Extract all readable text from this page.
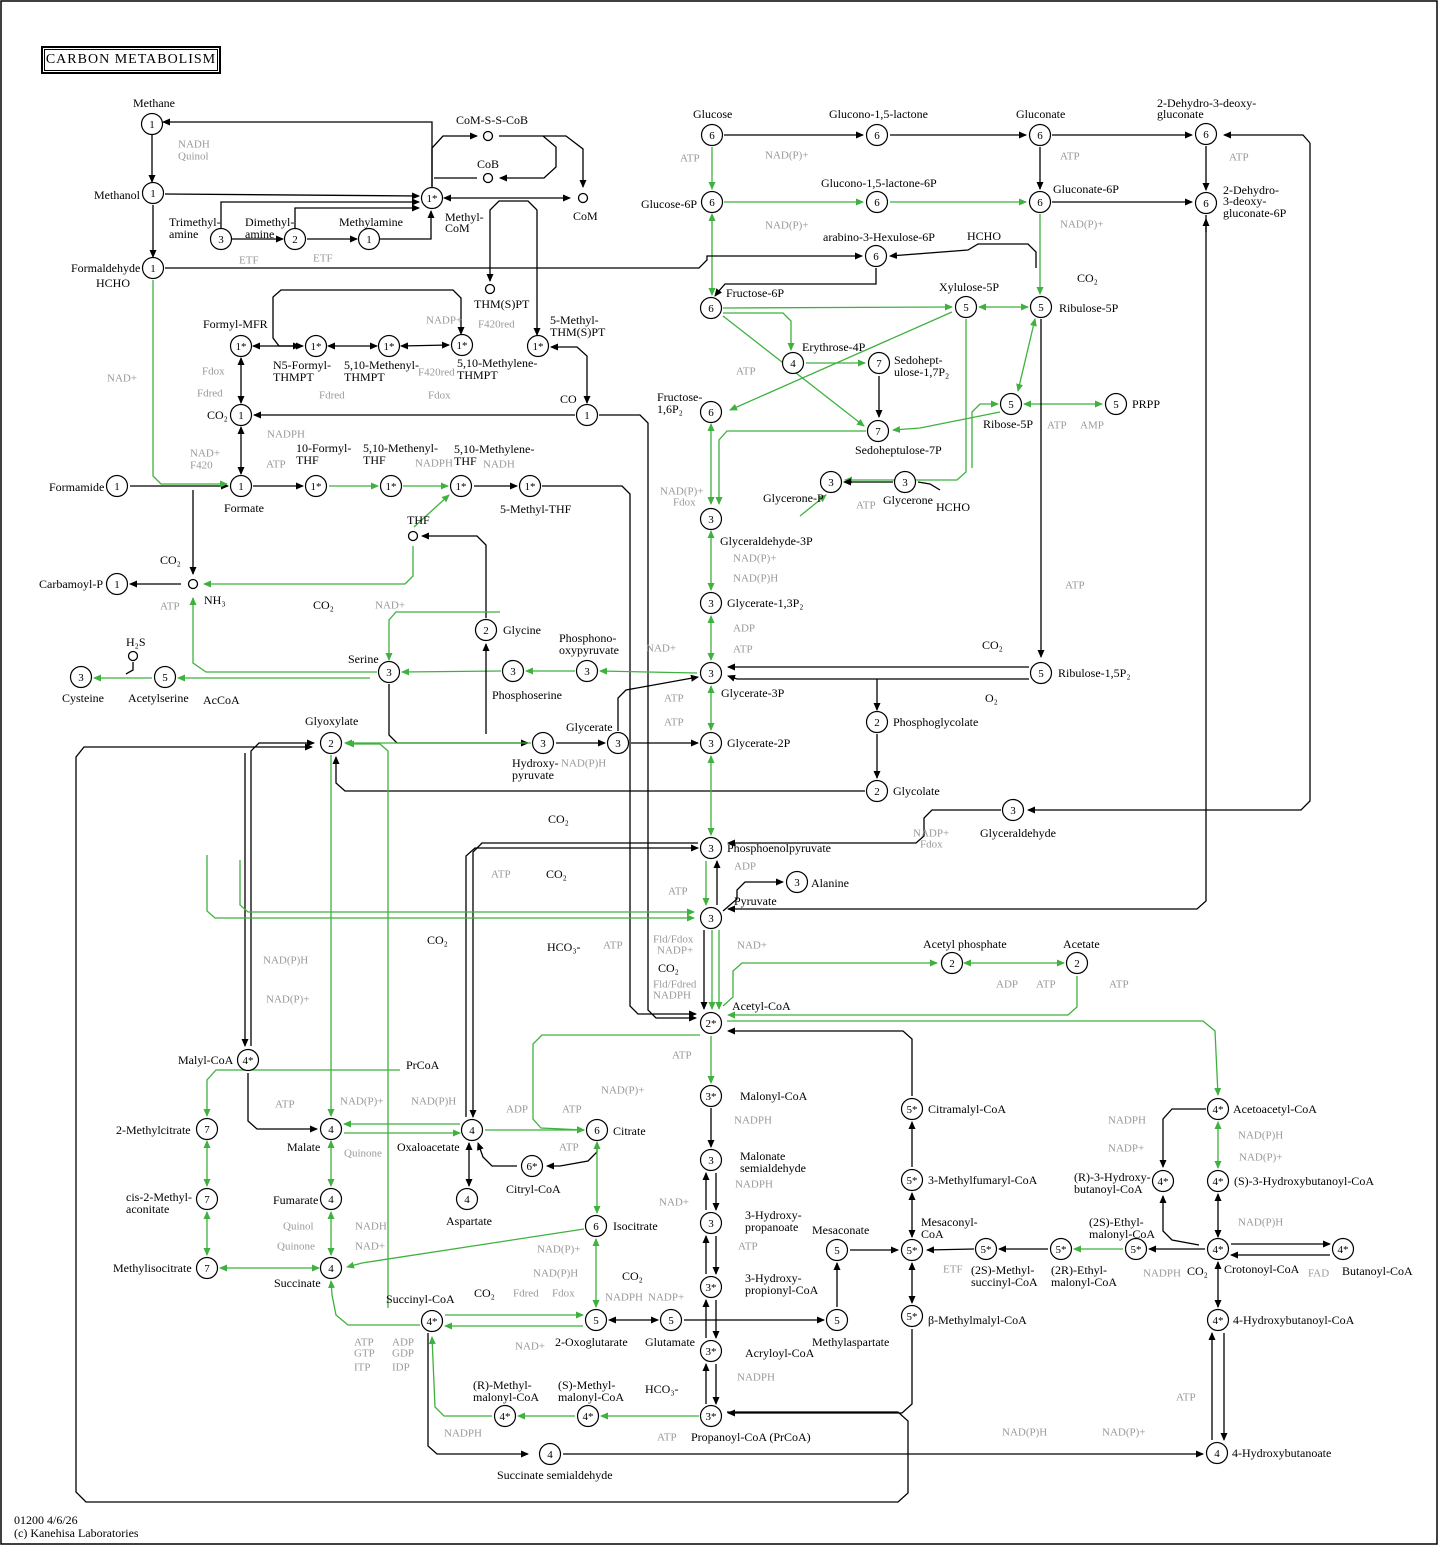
1
1
3	2	1
1*
1
1*	1*	1*	1*	1*
1	1
1	1	1*	1*	1*	1*
1
3	5	3
2
3	3
2	3	3
3
3
3
3
3
3
3
2*
6	6	6	6
6	6	6	6
6
6	5	5
4	7
6
7
5	5
3	3
5
2
2
3
2	2
4*
7	4	4	6
6*
7	4	4
6
7	4
4*	5	5
3*
3
3
3*
3*
3*
4*	4*
4
5
5
5*
5*
5*
5*
5*	5*	5*
4*
4*	4*
4*	4*
4*
4
Methane
CoM-S-S-CoB
CoB
Methanol
Trimethyl-
amine
Dimethyl-
amine
Methylamine	Methyl-
CoM
CoM
Formaldehyde
HCHO
THM(S)PT
Formyl-MFR
N5-Formyl-
THMPT
5,10-Methenyl-
THMPT
5,10-Methylene-
THMPT
5-Methyl-
THM(S)PT
CO
CO₂
10-Formyl-
THF
5,10-Methenyl-
THF
5,10-Methylene-
THF
5-Methyl-THF
Formamide
Formate
THF
CO₂
Carbamoyl-P
NH₃
H₂S
CO₂
Cysteine Acetylserine AcCoA
Serine
Glycine
Phosphono-
oxypyruvate
Phosphoserine
Glyoxylate	Glycerate
Hydroxy-
pyruvate
Glyceraldehyde-3P
Glycerate-1,3P₂
Glycerate-3P
Glycerate-2P
Phosphoenolpyruvate
Alanine
Pyruvate
Acetyl-CoA
CO₂
CO₂
CO₂	HCO₃-
CO₂
Glucose	Glucono-1,5-lactone	Gluconate
2-Dehydro-3-deoxy-
gluconate
Glucose-6P
Glucono-1,5-lactone-6P	Gluconate-6P	2-Dehydro-
3-deoxy-
gluconate-6P
arabino-3-Hexulose-6P	HCHO
Fructose-6P	Xylulose-5P
Ribulose-5P
CO₂
Erythrose-4P
Sedohept-
ulose-1,7P₂
Fructose-
1,6P₂
Sedoheptulose-7P
Ribose-5P
PRPP
Glycerone-P	Glycerone HCHO
Ribulose-1,5P₂
CO₂
O₂
Phosphoglycolate
Glycolate
Glyceraldehyde
Acetyl phosphate	Acetate
Malyl-CoA	PrCoA
2-Methylcitrate
Malate	Oxaloacetate
Citrate
Citryl-CoA
cis-2-Methyl-
aconitate
Fumarate
Aspartate	Isocitrate
Methylisocitrate
Succinate
Succinyl-CoA
2-Oxoglutarate Glutamate
CO₂
CO₂
(R)-Methyl-
malonyl-CoA
(S)-Methyl-
malonyl-CoA
HCO₃-
Propanoyl-CoA (PrCoA)
Succinate semialdehyde
Malonyl-CoA
Malonate
semialdehyde
3-Hydroxy-
propanoate
3-Hydroxy-
propionyl-CoA
Acryloyl-CoA
Mesaconate
Mesaconyl-
CoA
Methylaspartate
Citramalyl-CoA
3-Methylfumaryl-CoA
β-Methylmalyl-CoA
(2S)-Methyl-
succinyl-CoA
(2R)-Ethyl-
malonyl-CoA
(2S)-Ethyl-
malonyl-CoA
CO₂ Crotonoyl-CoA	Butanoyl-CoA
Acetoacetyl-CoA
(R)-3-Hydroxy-
butanoyl-CoA
(S)-3-Hydroxybutanoyl-CoA
4-Hydroxybutanoyl-CoA
4-Hydroxybutanoate
NADH
Quinol
ETF	ETF
NAD+
Fdox
Fdred
NADP+ F420red
F420red
Fdred	Fdox
NADPH
NAD+
F420	ATP	NADPH	NADH
NAD(P)+
Fdox
ATP	NAD(P)+
NAD(P)+
ATP
NAD(P)+
ATP
ATP
ATP AMP
ATP
ATP
NAD(P)+
NAD(P)H
ADP
ATP
NAD+
ATP
ATP
NAD(P)H
ADP
ATP
ATP
Fld/Fdox
NADP+	NAD+
ATP
Fld/Fdred
NADPH
NADP+
Fdox
ATP
ADP ATP	ATP
ATP	NAD(P)+	NAD(P)H
Quinone
Quinol	NADH
Quinone	NAD+
ATP
GTP
ITP
ADP
GDP
IDP
NADPH
ADP	ATP
ATP
NAD(P)+
NAD(P)H
NADPH NADP+
Fdred Fdox
NAD+
NAD(P)+
NADPH
NADPH
NAD+
ATP
NADPH
ATP
ETF
NADPH
NADP+
NAD(P)H
NAD(P)+
NAD(P)H
NADPH	FAD
ATP
NAD(P)H	NAD(P)+
NAD(P)H
NAD(P)+
NAD+
ATP
CARBON METABOLISM
01200 4/6/26
(c) Kanehisa Laboratories
